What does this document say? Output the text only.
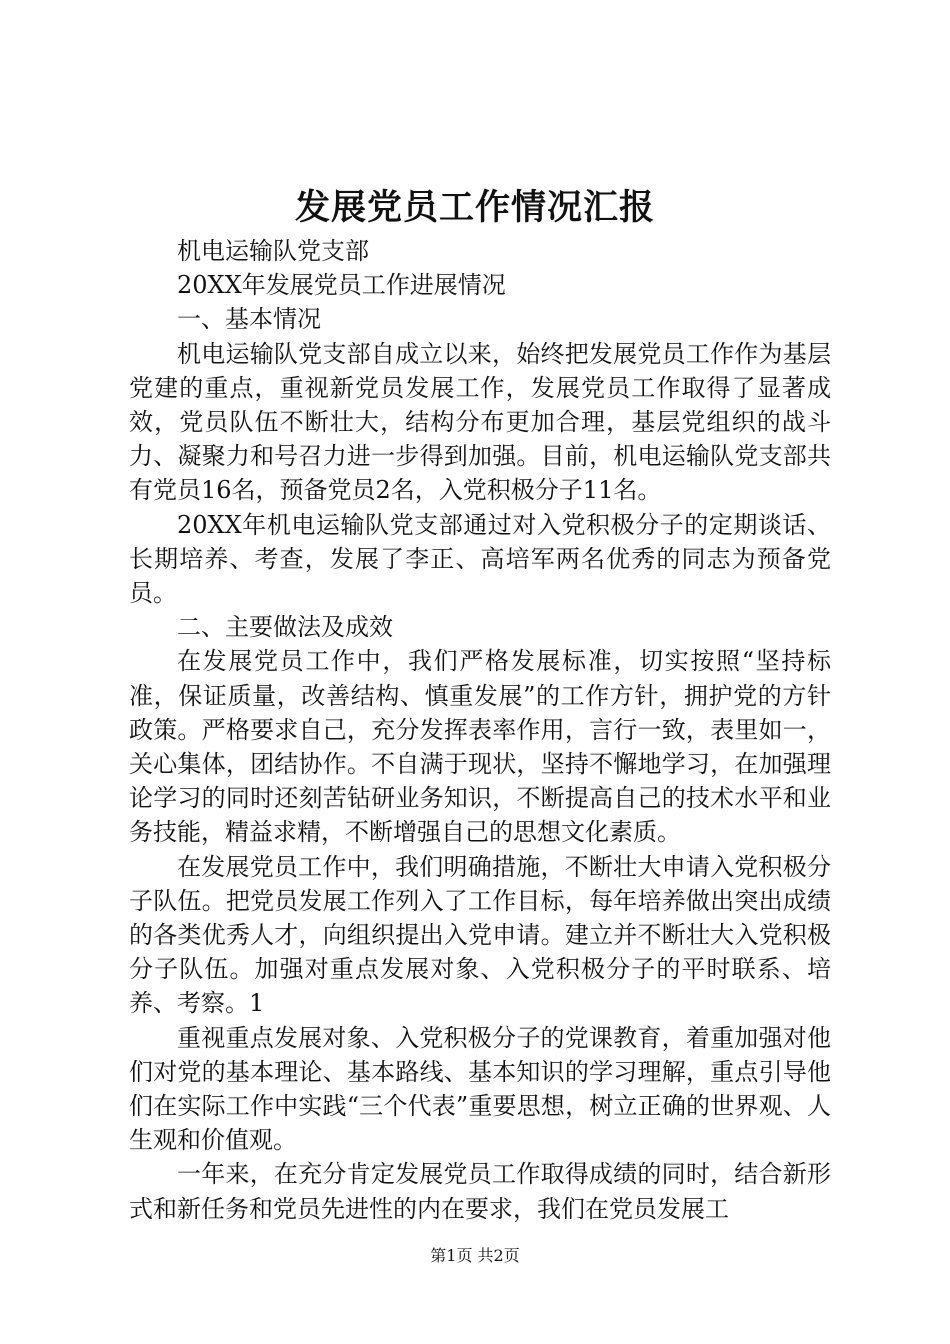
发展党员工作情况汇报

机电运输队党支部

20XX年发展党员工作进展情况

一、基本情况

机电运输队党支部自成立以来，始终把发展党员工作作为基层党建的重点，重视新党员发展工作，发展党员工作取得了显著成效，党员队伍不断壮大，结构分布更加合理，基层党组织的战斗力、凝聚力和号召力进一步得到加强。目前，机电运输队党支部共有党员16名，预备党员2名，入党积极分子11名。

20XX年机电运输队党支部通过对入党积极分子的定期谈话、长期培养、考查，发展了李正、高培军两名优秀的同志为预备党员。

二、主要做法及成效

在发展党员工作中，我们严格发展标准，切实按照“坚持标准，保证质量，改善结构、慎重发展”的工作方针，拥护党的方针政策。严格要求自己，充分发挥表率作用，言行一致，表里如一，关心集体，团结协作。不自满于现状，坚持不懈地学习，在加强理论学习的同时还刻苦钻研业务知识，不断提高自己的技术水平和业务技能，精益求精，不断增强自己的思想文化素质。

在发展党员工作中，我们明确措施，不断壮大申请入党积极分子队伍。把党员发展工作列入了工作目标，每年培养做出突出成绩的各类优秀人才，向组织提出入党申请。建立并不断壮大入党积极分子队伍。加强对重点发展对象、入党积极分子的平时联系、培养、考察。1

重视重点发展对象、入党积极分子的党课教育，着重加强对他们对党的基本理论、基本路线、基本知识的学习理解，重点引导他们在实际工作中实践“三个代表”重要思想，树立正确的世界观、人生观和价值观。

一年来，在充分肯定发展党员工作取得成绩的同时，结合新形式和新任务和党员先进性的内在要求，我们在党员发展工

第1页 共2页
